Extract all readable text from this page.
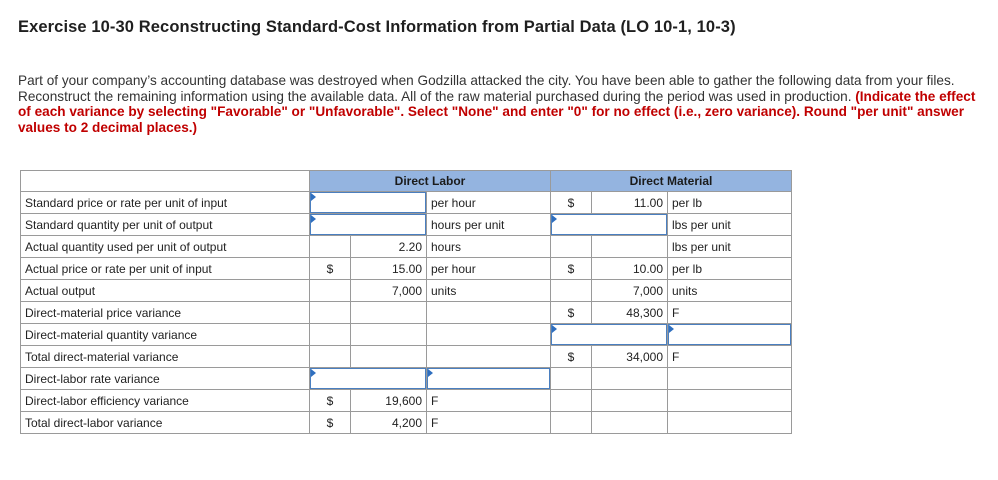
Exercise 10-30 Reconstructing Standard-Cost Information from Partial Data (LO 10-1, 10-3)
Part of your company’s accounting database was destroyed when Godzilla attacked the city. You have been able to gather the following data from your files. Reconstruct the remaining information using the available data. All of the raw material purchased during the period was used in production. (Indicate the effect of each variance by selecting "Favorable" or "Unfavorable". Select "None" and enter "0" for no effect (i.e., zero variance). Round "per unit" answer values to 2 decimal places.)
	Direct Labor			Direct Material		
Standard price or rate per unit of input			per hour	$	11.00	per lb
Standard quantity per unit of output			hours per unit			lbs per unit
Actual quantity used per unit of output		2.20	hours			lbs per unit
Actual price or rate per unit of input	$	15.00	per hour	$	10.00	per lb
Actual output		7,000	units		7,000	units
Direct-material price variance				$	48,300	F
Direct-material quantity variance					

Total direct-material variance				$	34,000	F
Direct-labor rate variance		

Direct-labor efficiency variance	$	19,600	F			
Total direct-labor variance	$	4,200	F			
